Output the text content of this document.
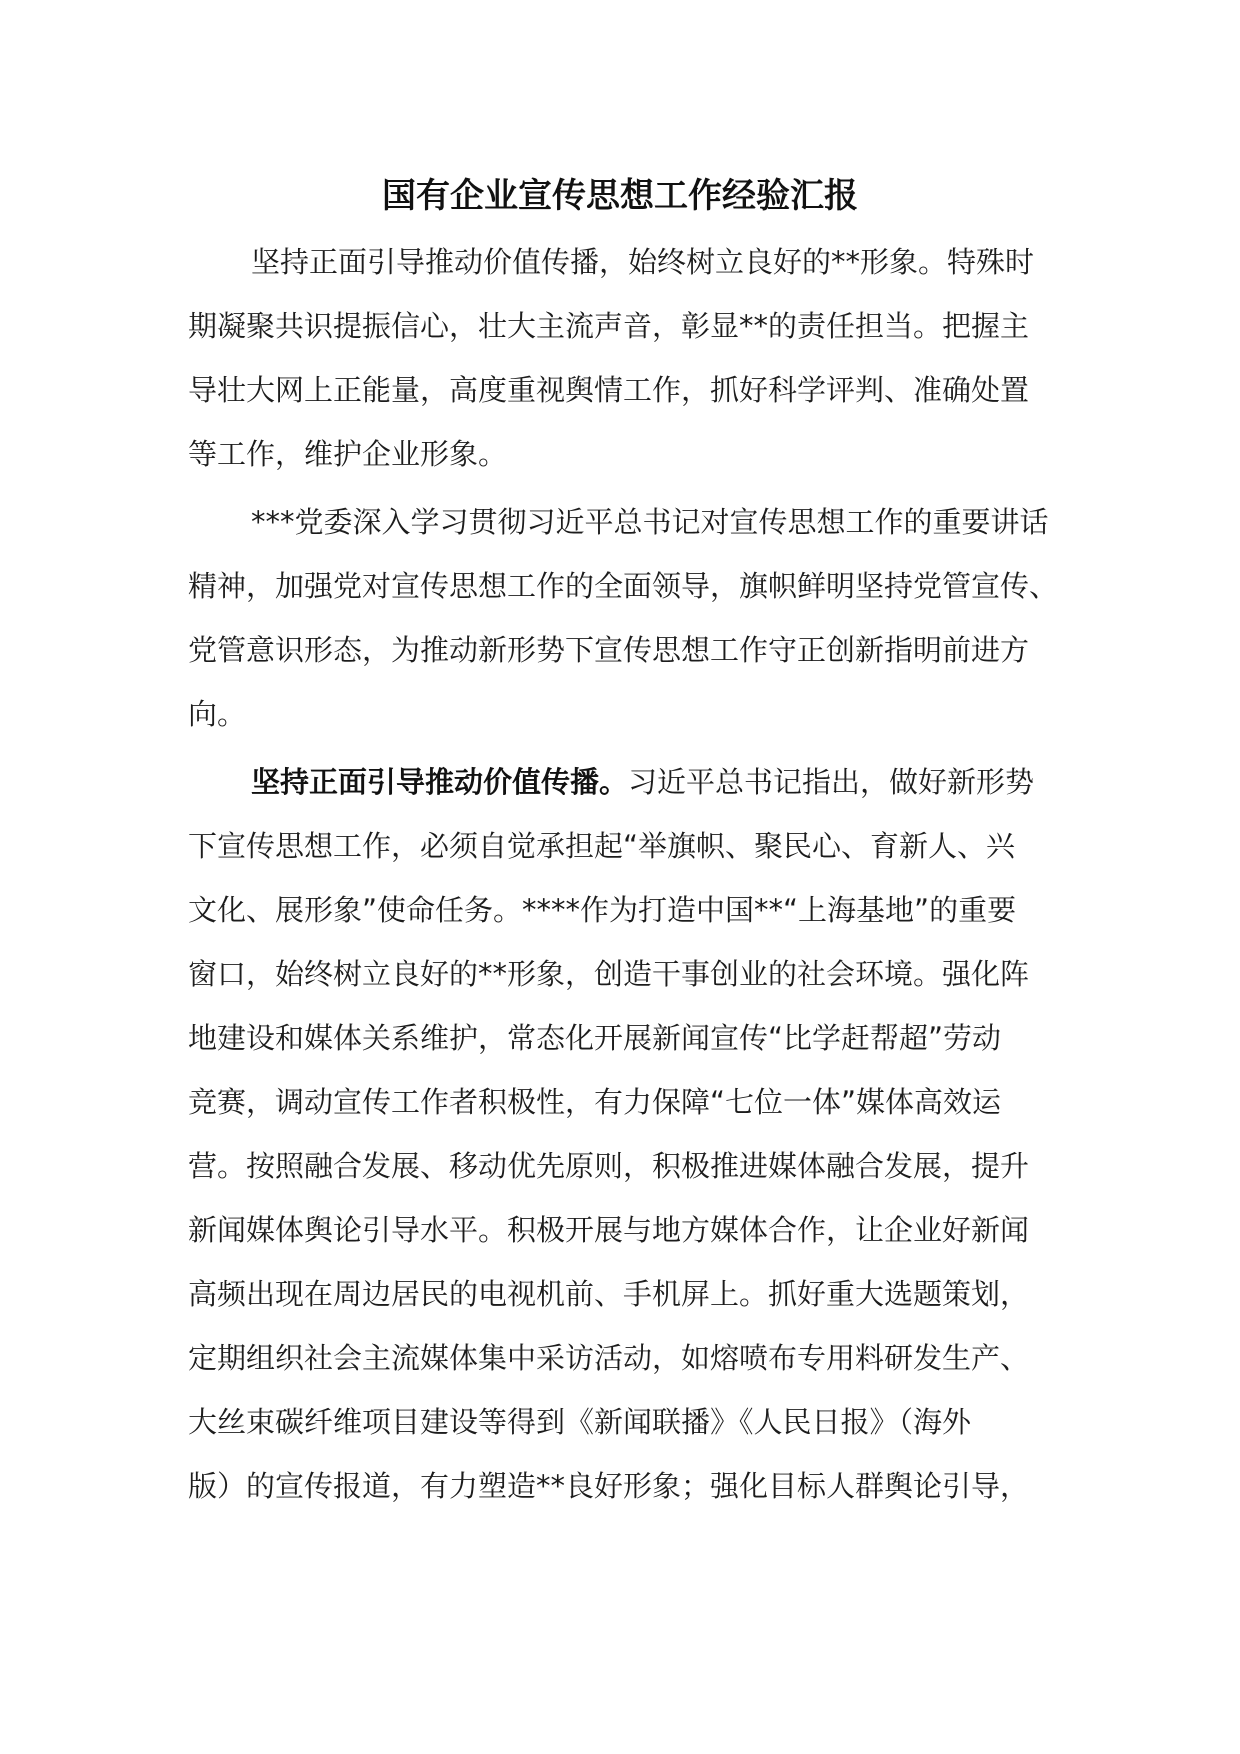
国有企业宣传思想工作经验汇报
坚持正面引导推动价值传播，始终树立良好的**形象。特殊时
期凝聚共识提振信心，壮大主流声音，彰显**的责任担当。把握主
导壮大网上正能量，高度重视舆情工作，抓好科学评判、准确处置
等工作，维护企业形象。
***党委深入学习贯彻习近平总书记对宣传思想工作的重要讲话
精神，加强党对宣传思想工作的全面领导，旗帜鲜明坚持党管宣传、
党管意识形态，为推动新形势下宣传思想工作守正创新指明前进方
向。
坚持正面引导推动价值传播。习近平总书记指出，做好新形势
下宣传思想工作，必须自觉承担起“举旗帜、聚民心、育新人、兴
文化、展形象”使命任务。****作为打造中国**“上海基地”的重要
窗口，始终树立良好的**形象，创造干事创业的社会环境。强化阵
地建设和媒体关系维护，常态化开展新闻宣传“比学赶帮超”劳动
竞赛，调动宣传工作者积极性，有力保障“七位一体”媒体高效运
营。按照融合发展、移动优先原则，积极推进媒体融合发展，提升
新闻媒体舆论引导水平。积极开展与地方媒体合作，让企业好新闻
高频出现在周边居民的电视机前、手机屏上。抓好重大选题策划，
定期组织社会主流媒体集中采访活动，如熔喷布专用料研发生产、
大丝束碳纤维项目建设等得到《新闻联播》《人民日报》（海外
版）的宣传报道，有力塑造**良好形象；强化目标人群舆论引导，
